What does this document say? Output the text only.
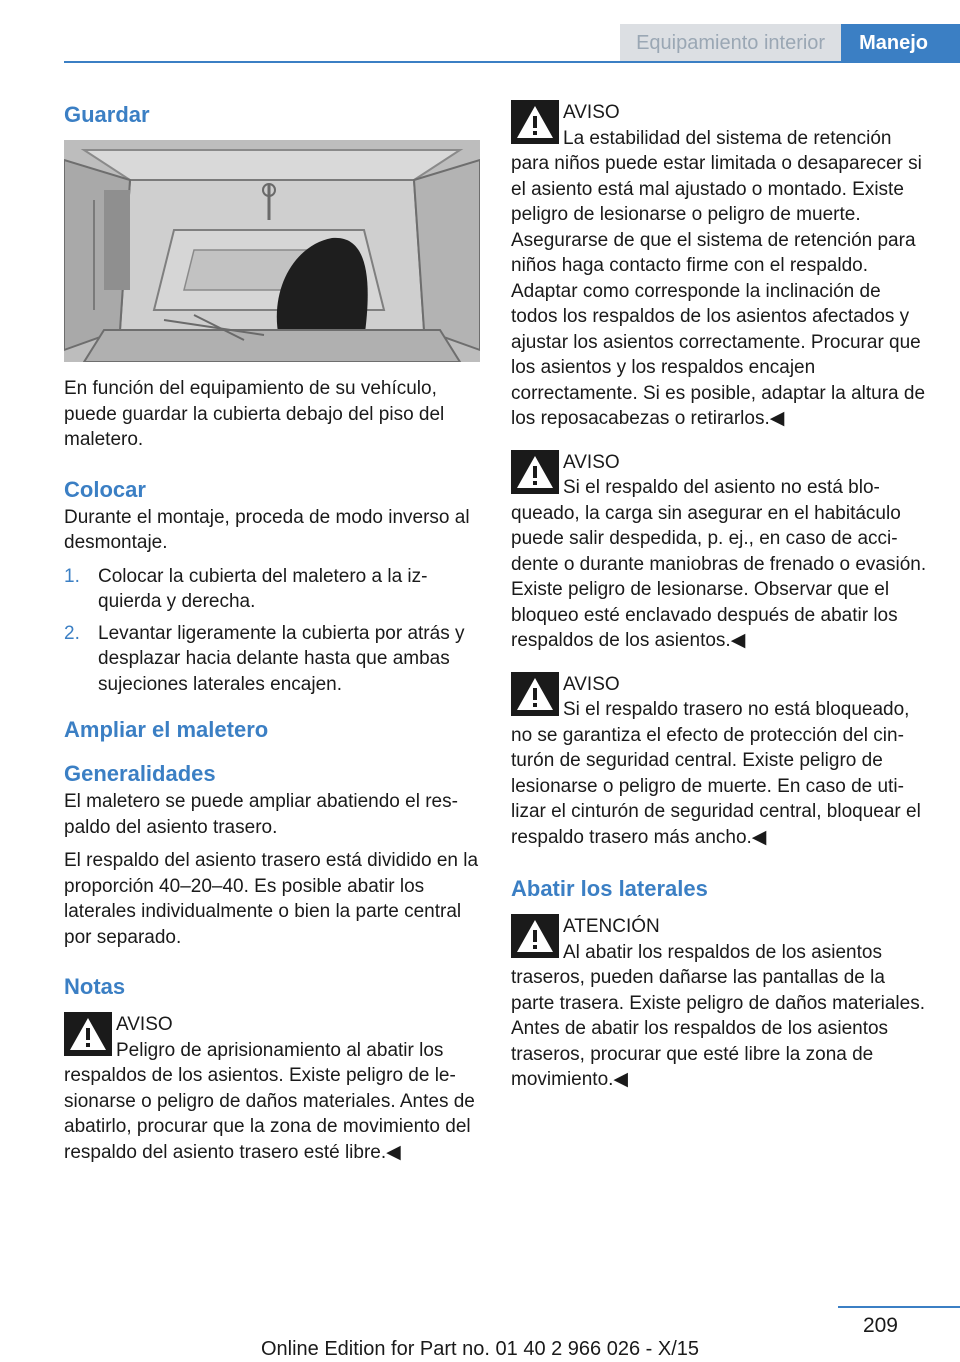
Equipamiento interior	Manejo
Guardar

En función del equipamiento de su vehículo, puede guardar la cubierta debajo del piso del maletero.

Colocar

Durante el montaje, proceda de modo inverso al desmontaje.

1. Colocar la cubierta del maletero a la izquierda y derecha.
2. Levantar ligeramente la cubierta por atrás y desplazar hacia delante hasta que ambas sujeciones laterales encajen.
Ampliar el maletero
Generalidades

El maletero se puede ampliar abatiendo el respaldo del asiento trasero.

El respaldo del asiento trasero está dividido en la proporción 40–20–40. Es posible abatir los laterales individualmente o bien la parte central por separado.

Notas
AVISO
Peligro de aprisionamiento al abatir los respaldos de los asientos. Existe peligro de lesionarse o peligro de daños materiales. Antes de abatirlo, procurar que la zona de movimiento del respaldo del asiento trasero esté libre.◀
AVISO
La estabilidad del sistema de retención para niños puede estar limitada o desaparecer si el asiento está mal ajustado o montado. Existe peligro de lesionarse o peligro de muerte. Asegurarse de que el sistema de retención para niños haga contacto firme con el respaldo. Adaptar como corresponde la inclinación de todos los respaldos de los asientos afectados y ajustar los asientos correctamente. Procurar que los asientos y los respaldos encajen correctamente. Si es posible, adaptar la altura de los reposacabezas o retirarlos.◀
AVISO
Si el respaldo del asiento no está bloqueado, la carga sin asegurar en el habitáculo puede salir despedida, p. ej., en caso de accidente o durante maniobras de frenado o evasión. Existe peligro de lesionarse. Observar que el bloqueo esté enclavado después de abatir los respaldos de los asientos.◀
AVISO
Si el respaldo trasero no está bloqueado, no se garantiza el efecto de protección del cinturón de seguridad central. Existe peligro de lesionarse o peligro de muerte. En caso de utilizar el cinturón de seguridad central, bloquear el respaldo trasero más ancho.◀
Abatir los laterales
ATENCIÓN
Al abatir los respaldos de los asientos traseros, pueden dañarse las pantallas de la parte trasera. Existe peligro de daños materiales. Antes de abatir los respaldos de los asientos traseros, procurar que esté libre la zona de movimiento.◀
209
Online Edition for Part no. 01 40 2 966 026 - X/15
